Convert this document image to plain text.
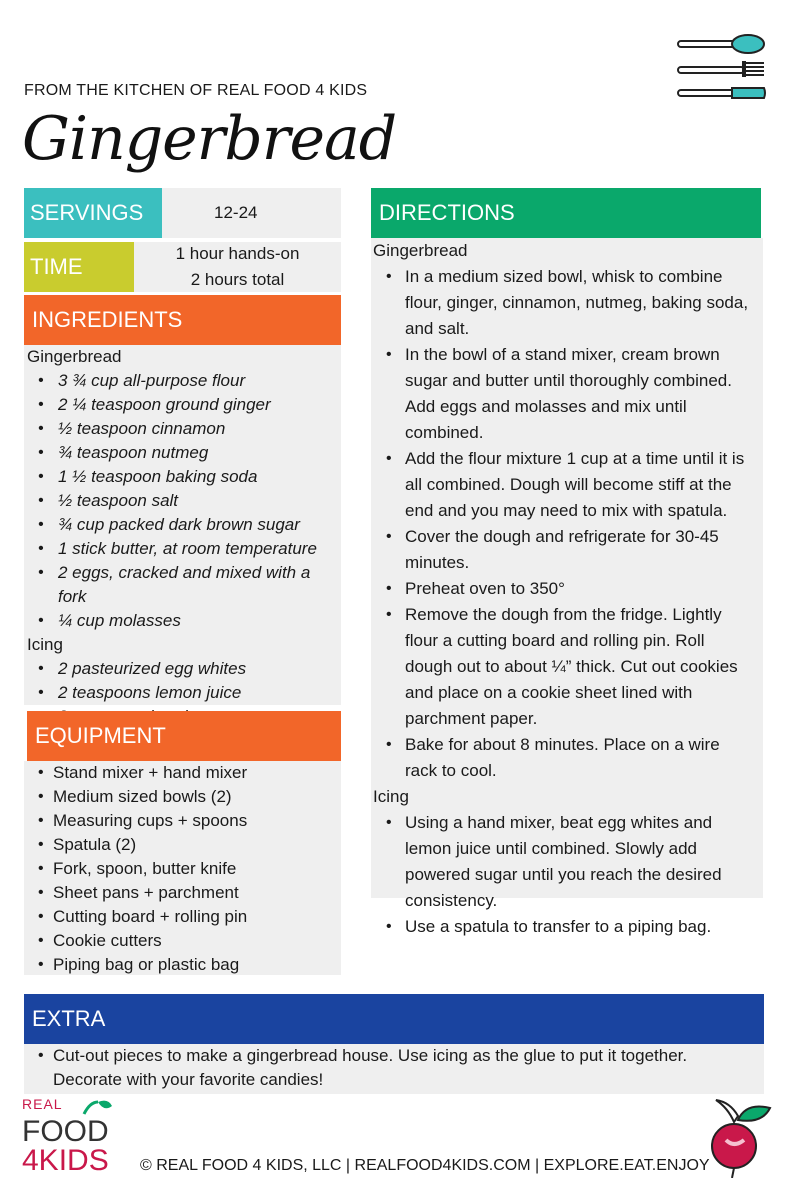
FROM THE KITCHEN OF REAL FOOD 4 KIDS
Gingerbread
SERVINGS	12-24
TIME
1 hour hands-on
2 hours total
INGREDIENTS
Gingerbread
• 3 ¾ cup all-purpose flour
• 2 ¼ teaspoon ground ginger
• ½ teaspoon cinnamon
• ¾ teaspoon nutmeg
• 1 ½ teaspoon baking soda
• ½ teaspoon salt
• ¾ cup packed dark brown sugar
• 1 stick butter, at room temperature
• 2 eggs, cracked and mixed with a fork
• ¼ cup molasses
Icing
• 2 pasteurized egg whites
• 2 teaspoons lemon juice
•
EQUIPMENT
• Stand mixer + hand mixer
• Medium sized bowls (2)
• Measuring cups + spoons
• Spatula (2)
• Fork, spoon, butter knife
• Sheet pans + parchment
• Cutting board + rolling pin
• Cookie cutters
• Piping bag or plastic bag
DIRECTIONS
Gingerbread
• In a medium sized bowl, whisk to combine flour, ginger, cinnamon, nutmeg, baking soda, and salt.
• In the bowl of a stand mixer, cream brown sugar and butter until thoroughly combined. Add eggs and molasses and mix until combined.
• Add the flour mixture 1 cup at a time until it is all combined. Dough will become stiff at the end and you may need to mix with spatula.
• Cover the dough and refrigerate for 30-45 minutes.
• Preheat oven to 350°
• Remove the dough from the fridge. Lightly flour a cutting board and rolling pin. Roll dough out to about ¼” thick. Cut out cookies and place on a cookie sheet lined with parchment paper.
• Bake for about 8 minutes. Place on a wire rack to cool.
Icing
• Using a hand mixer, beat egg whites and lemon juice until combined. Slowly add powered sugar until you reach the desired consistency.
• Use a spatula to transfer to a piping bag.
EXTRA
• Cut-out pieces to make a gingerbread house. Use icing as the glue to put it together. Decorate with your favorite candies!
REAL
FOOD
4KIDS © REAL FOOD 4 KIDS, LLC | REALFOOD4KIDS.COM | EXPLORE.EAT.ENJOY
